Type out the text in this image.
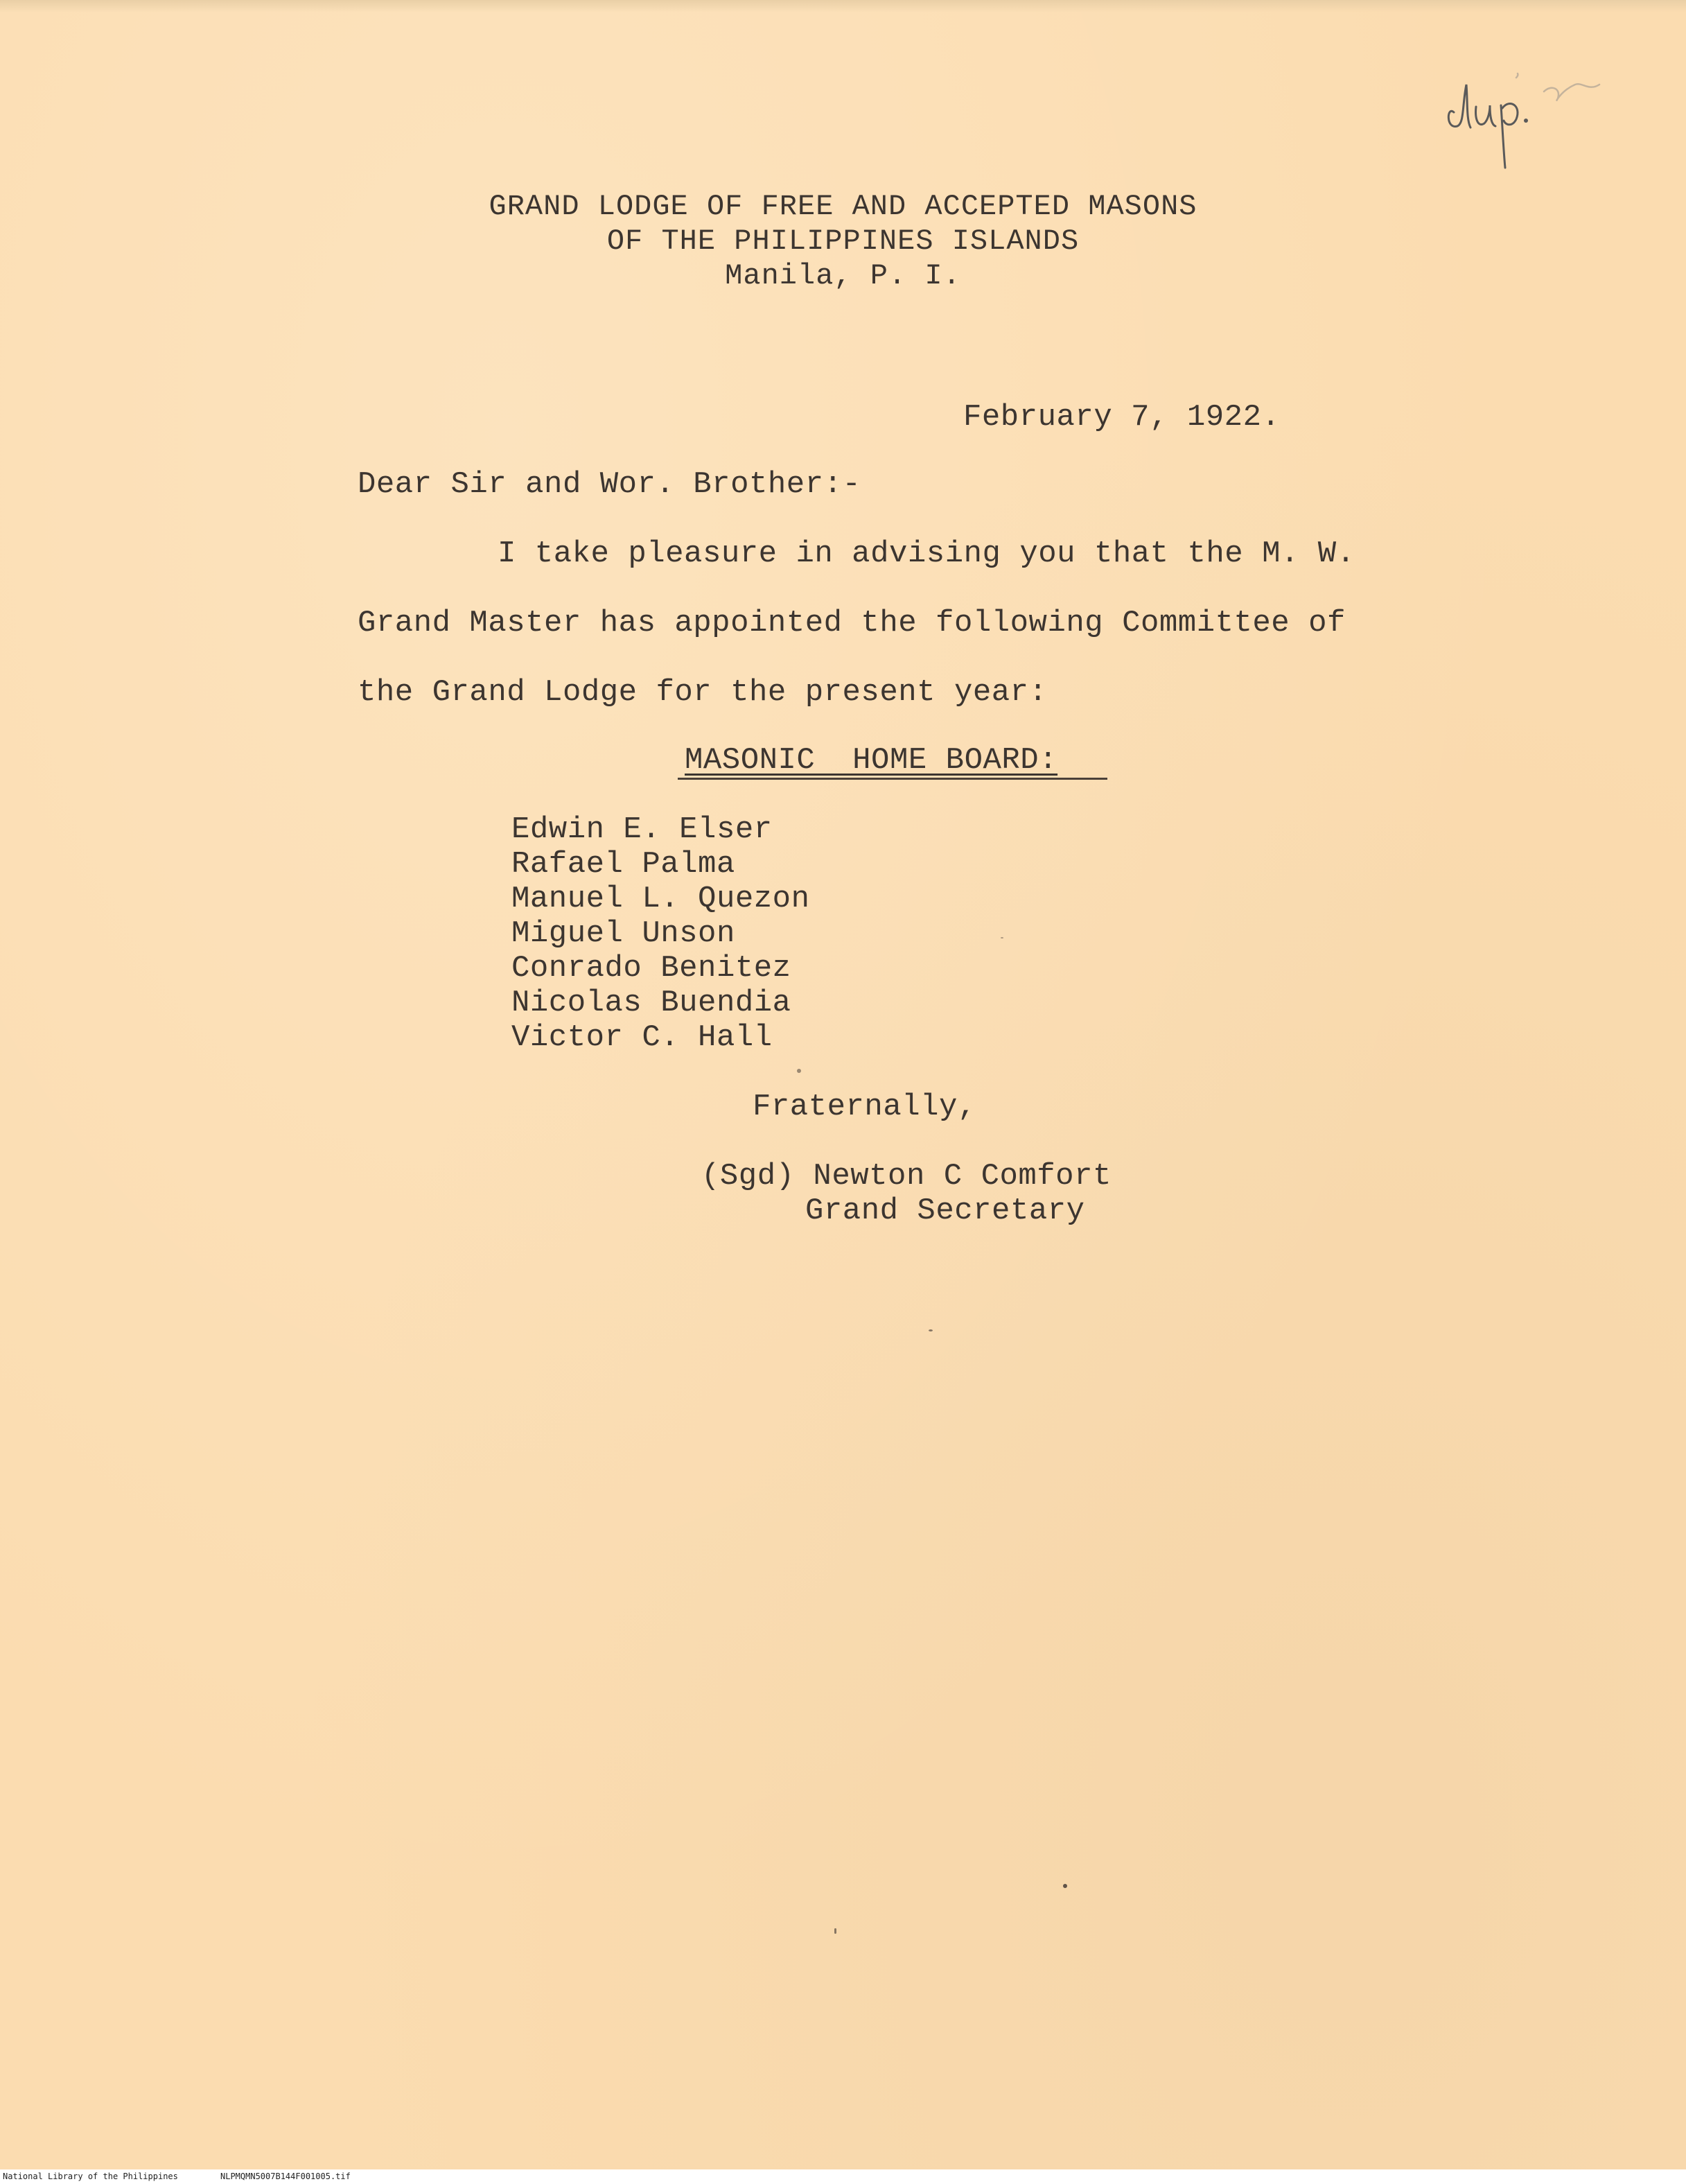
GRAND LODGE OF FREE AND ACCEPTED MASONS
OF THE PHILIPPINES ISLANDS
Manila, P. I.
February 7, 1922.
Dear Sir and Wor. Brother:-
I take pleasure in advising you that the M. W.
Grand Master has appointed the following Committee of
the Grand Lodge for the present year:
MASONIC  HOME BOARD:
Edwin E. Elser
Rafael Palma
Manuel L. Quezon
Miguel Unson
Conrado Benitez
Nicolas Buendia
Victor C. Hall
Fraternally,
(Sgd) Newton C Comfort
Grand Secretary
National Library of the Philippines	NLPMQMN5007B144F001005.tif
